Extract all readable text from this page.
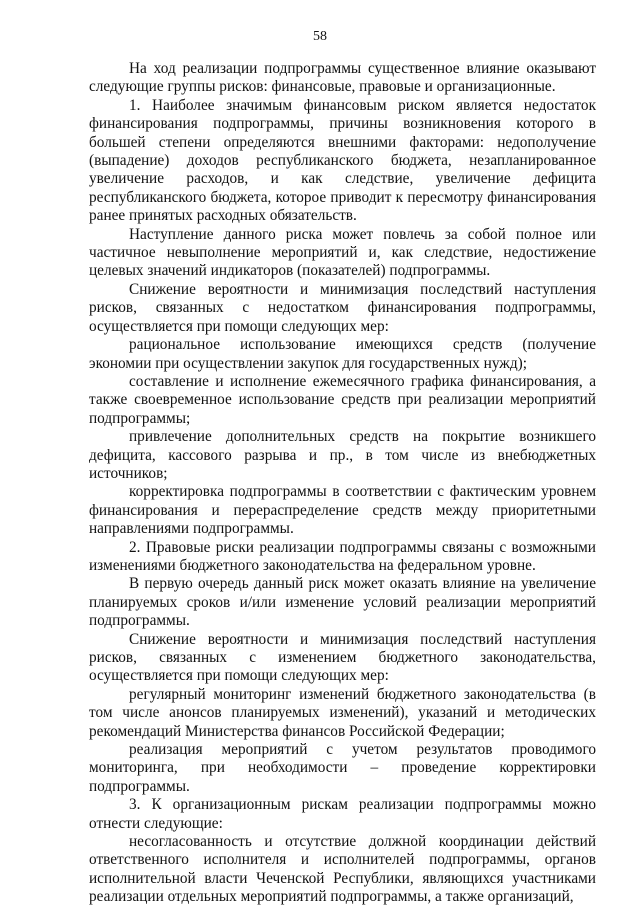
58

На ход реализации подпрограммы существенное влияние оказывают следующие группы рисков: финансовые, правовые и организационные.

1. Наиболее значимым финансовым риском является недостаток финансирования подпрограммы, причины возникновения которого в большей степени определяются внешними факторами: недополучение (выпадение) доходов республиканского бюджета, незапланированное увеличение расходов, и как следствие, увеличение дефицита республиканского бюджета, которое приводит к пересмотру финансирования ранее принятых расходных обязательств.

Наступление данного риска может повлечь за собой полное или частичное невыполнение мероприятий и, как следствие, недостижение целевых значений индикаторов (показателей) подпрограммы.

Снижение вероятности и минимизация последствий наступления рисков, связанных с недостатком финансирования подпрограммы, осуществляется при помощи следующих мер:

рациональное использование имеющихся средств (получение экономии при осуществлении закупок для государственных нужд);

составление и исполнение ежемесячного графика финансирования, а также своевременное использование средств при реализации мероприятий подпрограммы;

привлечение дополнительных средств на покрытие возникшего дефицита, кассового разрыва и пр., в том числе из внебюджетных источников;

корректировка подпрограммы в соответствии с фактическим уровнем финансирования и перераспределение средств между приоритетными направлениями подпрограммы.

2. Правовые риски реализации подпрограммы связаны с возможными изменениями бюджетного законодательства на федеральном уровне.

В первую очередь данный риск может оказать влияние на увеличение планируемых сроков и/или изменение условий реализации мероприятий подпрограммы.

Снижение вероятности и минимизация последствий наступления рисков, связанных с изменением бюджетного законодательства, осуществляется при помощи следующих мер:

регулярный мониторинг изменений бюджетного законодательства (в том числе анонсов планируемых изменений), указаний и методических рекомендаций Министерства финансов Российской Федерации;

реализация мероприятий с учетом результатов проводимого мониторинга, при необходимости – проведение корректировки подпрограммы.

3. К организационным рискам реализации подпрограммы можно отнести следующие:

несогласованность и отсутствие должной координации действий ответственного исполнителя и исполнителей подпрограммы, органов исполнительной власти Чеченской Республики, являющихся участниками реализации отдельных мероприятий подпрограммы, а также организаций,
